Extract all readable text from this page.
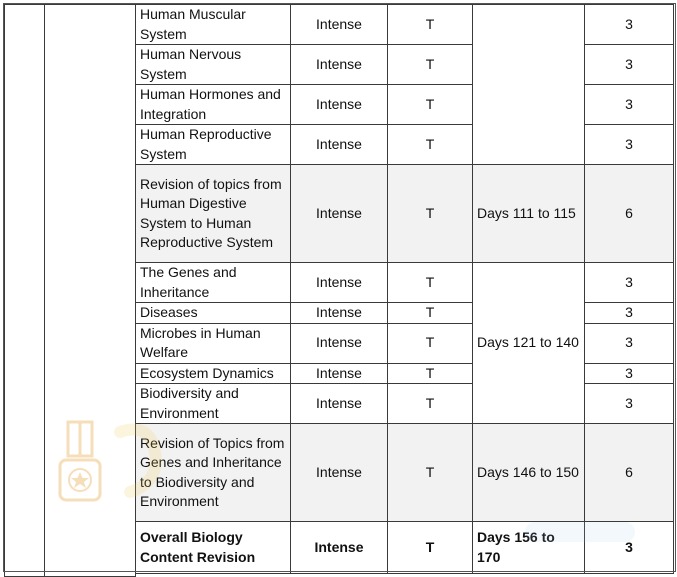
		Human Muscular System	Intense	T		3
		Human Nervous System	Intense	T		3
		Human Hormones and Integration	Intense	T		3
		Human Reproductive System	Intense	T		3
		Revision of topics from Human Digestive System to Human Reproductive System	Intense	T	Days 111 to 115	6
		The Genes and Inheritance	Intense	T	Days 121 to 140	3
		Diseases	Intense	T		3
		Microbes in Human Welfare	Intense	T		3
		Ecosystem Dynamics	Intense	T		3
		Biodiversity and Environment	Intense	T		3
		Revision of Topics from Genes and Inheritance to Biodiversity and Environment	Intense	T	Days 146 to 150	6
		Overall Biology Content Revision	Intense	T	Days 156 to 170	3
